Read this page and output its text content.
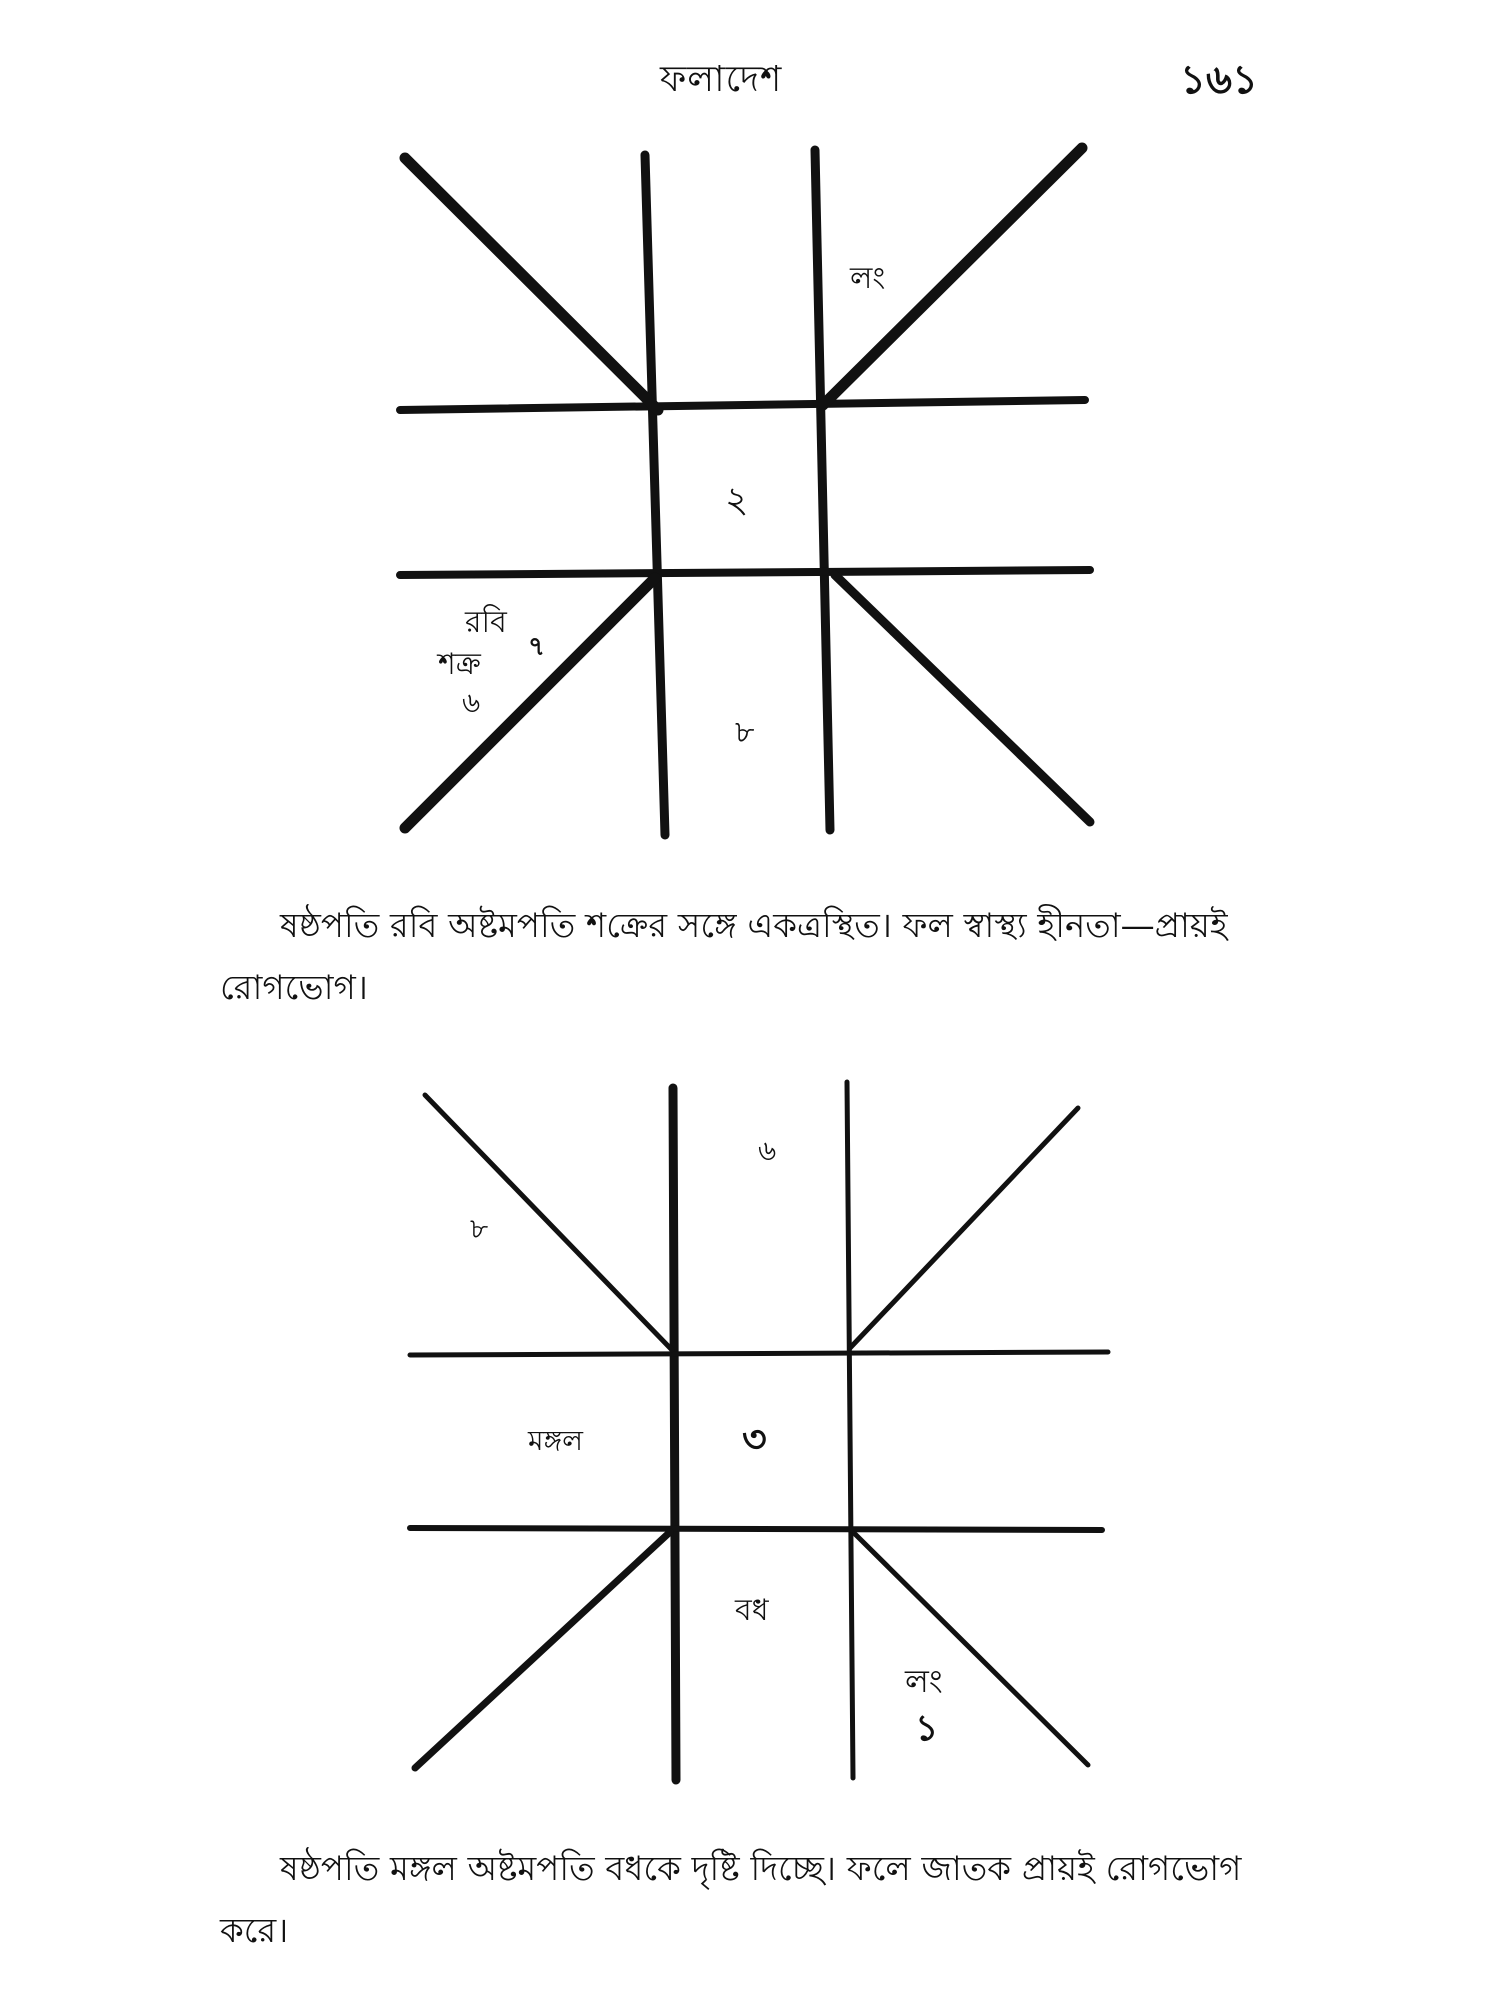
ফলাদেশ	১৬১
লং
২
রবি
শ‌ক্র ৭
৬
৮
৬
৮
মঙ্গল	৩
ব‌ধ
লং
১
ষষ্ঠপতি রবি অষ্টমপতি শ‌ক্রের সঙ্গে একত্রস্থিত। ফল স্বাস্থ্য হীনতা—প্রায়ই রোগভোগ।
ষষ্ঠপতি মঙ্গল অষ্টমপতি ব‌ধকে দৃষ্টি দিচ্ছে। ফলে জাতক প্রায়ই রোগভোগ করে।
